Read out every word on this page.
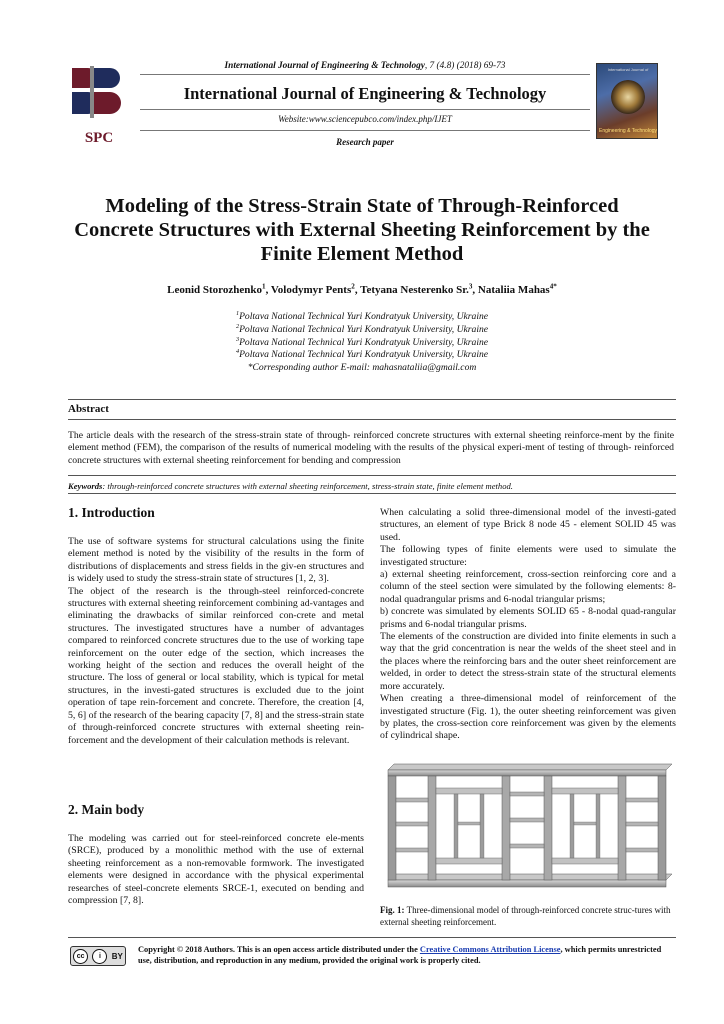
SPC
International Journal of
Engineering & Technology
International Journal of Engineering & Technology, 7 (4.8) (2018) 69-73
International Journal of Engineering & Technology
Website:www.sciencepubco.com/index.php/IJET
Research paper
Modeling of the Stress-Strain State of Through-Reinforced Concrete Structures with External Sheeting Reinforcement by the Finite Element Method
Leonid Storozhenko$^1$, Volodymyr Pents$^2$, Tetyana Nesterenko Sr.$^3$, Nataliia Mahas$^{4*}$
$^1$Poltava National Technical Yuri Kondratyuk University, Ukraine
$^2$Poltava National Technical Yuri Kondratyuk University, Ukraine
$^3$Poltava National Technical Yuri Kondratyuk University, Ukraine
$^4$Poltava National Technical Yuri Kondratyuk University, Ukraine
*Corresponding author E-mail: mahasnataliia@gmail.com
Abstract
The article deals with the research of the stress-strain state of through- reinforced concrete structures with external sheeting reinforce-ment by the finite element method (FEM), the comparison of the results of numerical modeling with the results of the physical experi-ment of testing of through- reinforced concrete structures with external sheeting reinforcement for bending and compression
Keywords: through-reinforced concrete structures with external sheeting reinforcement, stress-strain state, finite element method.
1. Introduction

The use of software systems for structural calculations using the finite element method is noted by the visibility of the results in the form of distributions of displacements and stress fields in the giv-en structures and is widely used to study the stress-strain state of structures [1, 2, 3].

The object of the research is the through-steel reinforced-concrete structures with external sheeting reinforcement combining ad-vantages and eliminating the drawbacks of similar reinforced con-crete and metal structures. The investigated structures have a number of advantages compared to reinforced concrete structures due to the use of working tape reinforcement on the outer edge of the section, which increases the working height of the section and reduces the overall height of the structure. The loss of general or local stability, which is typical for metal structures, in the investi-gated structures is excluded due to the joint operation of tape rein-forcement and concrete. Therefore, the creation [4, 5, 6] of the research of the bearing capacity [7, 8] and the stress-strain state of through-reinforced concrete structures with external sheeting rein-forcement and the development of their calculation methods is relevant.

2. Main body

The modeling was carried out for steel-reinforced concrete ele-ments (SRCE), produced by a monolithic method with the use of external sheeting reinforcement as a non-removable formwork. The investigated elements were designed in accordance with the physical experimental researches of steel-concrete elements SRCE-1, executed on bending and compression [7, 8].

When calculating a solid three-dimensional model of the investi-gated structures, an element of type Brick 8 node 45 - element SOLID 45 was used.

The following types of finite elements were used to simulate the investigated structure:

a) external sheeting reinforcement, cross-section reinforcing core and a column of the steel section were simulated by the following elements: 8-nodal quadrangular prisms and 6-nodal triangular prisms;

b) concrete was simulated by elements SOLID 65 - 8-nodal quad-rangular prisms and 6-nodal triangular prisms.

The elements of the construction are divided into finite elements in such a way that the grid concentration is near the welds of the sheet steel and in the places where the reinforcing bars and the outer sheet reinforcement are welded, in order to detect the stress-strain state of the structural elements more accurately.

When creating a three-dimensional model of reinforcement of the investigated structure (Fig. 1), the outer sheeting reinforcement was given by plates, the cross-section core reinforcement was given by the elements of cylindrical shape.

Fig. 1: Three-dimensional model of through-reinforced concrete struc-tures with external sheeting reinforcement.
cc	i	BY
Copyright © 2018 Authors. This is an open access article distributed under the Creative Commons Attribution License, which permits unrestricted use, distribution, and reproduction in any medium, provided the original work is properly cited.
